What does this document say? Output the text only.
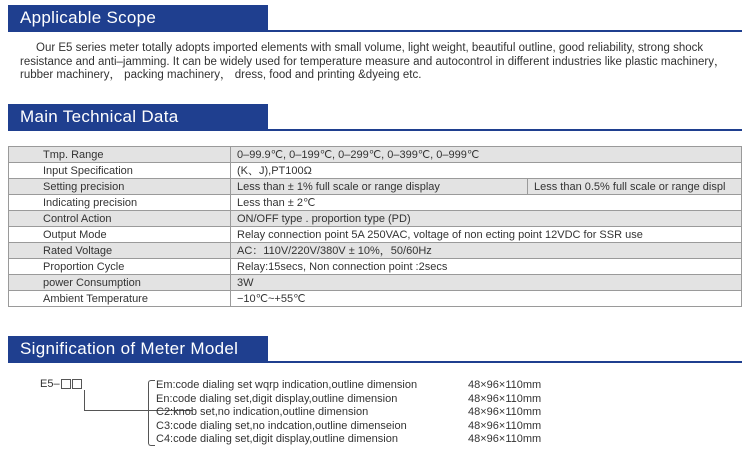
Applicable Scope
Our E5 series meter totally adopts imported elements with small volume, light weight, beautiful outline, good reliability, strong shock resistance and anti–jamming. It can be widely used for temperature measure and autocontrol in different industries like plastic machinery， rubber machinery， packing machinery， dress, food and printing &dyeing etc.
Main Technical Data
Tmp. Range	0–99.9℃, 0–199℃, 0–299℃, 0–399℃, 0–999℃	
Input Specification	(K、J),PT100Ω	
Setting precision	Less than ± 1% full scale or range display	Less than 0.5% full scale or range displ
Indicating precision	Less than ± 2℃	
Control Action	ON/OFF type . proportion type (PD)	
Output Mode	Relay connection point 5A 250VAC, voltage of non ecting point 12VDC for SSR use	
Rated Voltage	AC：110V/220V/380V ± 10%，50/60Hz	
Proportion Cycle	Relay:15secs, Non connection point :2secs	
power Consumption	3W	
Ambient Temperature	−10℃~+55℃	
Signification of Meter Model
E5–	Em:code dialing set wqrp indication,outline dimension	48×96×110mm
En:code dialing set,digit display,outline dimension	48×96×110mm
C2:knob set,no indication,outline dimension	48×96×110mm
C3:code dialing set,no indcation,outline dimenseion	48×96×110mm
C4:code dialing set,digit display,outline dimension	48×96×110mm
